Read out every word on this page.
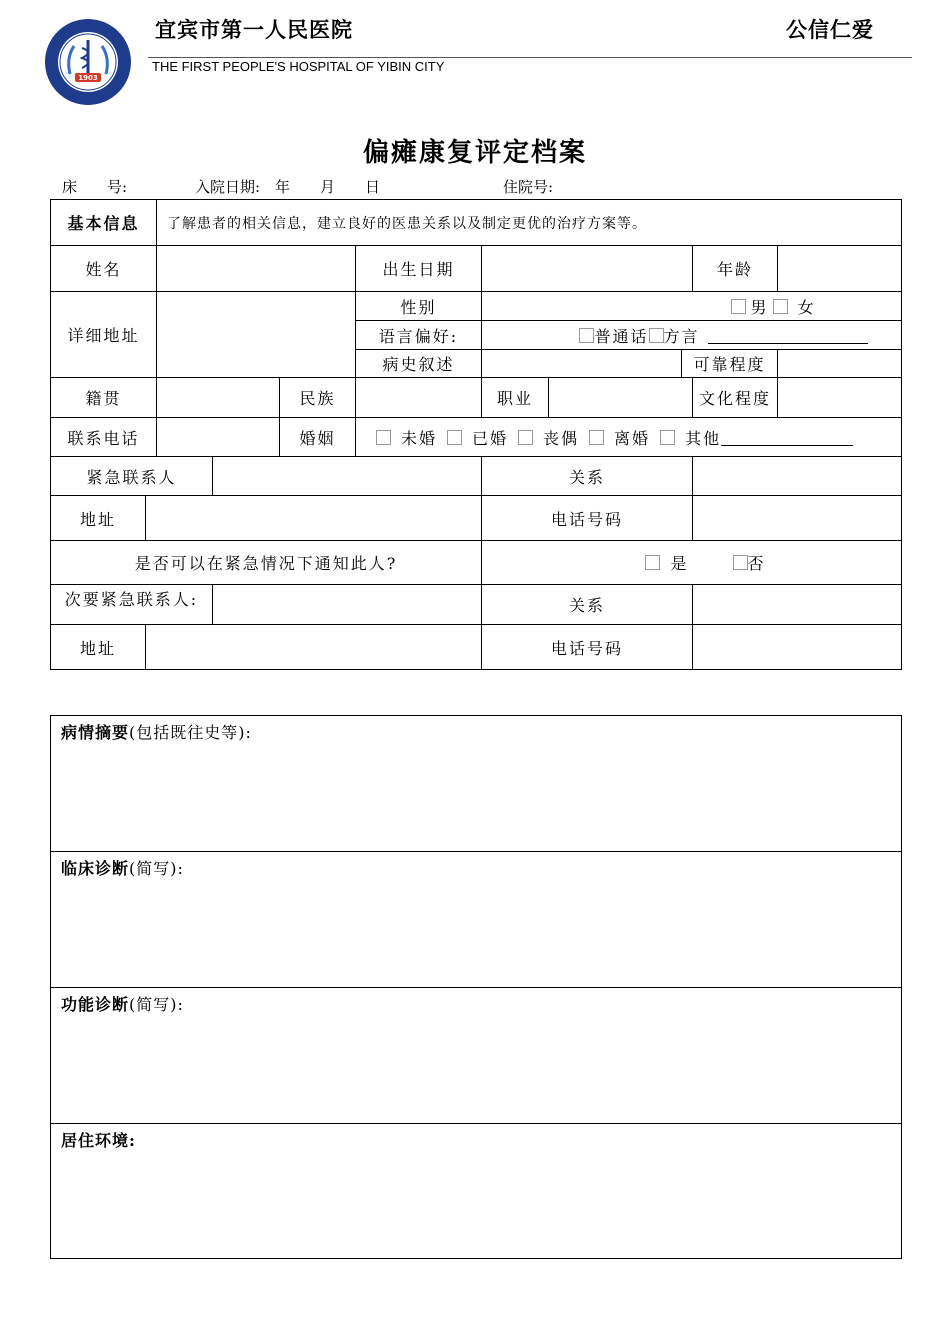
1903
宜宾市第一人民医院
THE FIRST PEOPLE'S HOSPITAL OF YIBIN CITY
公信仁爱
偏瘫康复评定档案
床　　号:	入院日期:　年　　月　　日	住院号:
基本信息	了解患者的相关信息，建立良好的医患关系以及制定更优的治疗方案等。
姓名	出生日期	年龄
详细地址
性别	男 女
语言偏好:	普通话 方言
病史叙述	可靠程度
籍贯	民族	职业	文化程度
联系电话	婚姻	未婚 已婚 丧偶 离婚 其他
紧急联系人	关系
地址	电话号码
是否可以在紧急情况下通知此人?	是	否
次要紧急联系人:	关系
地址	电话号码
病情摘要(包括既往史等):
临床诊断(简写):
功能诊断(简写):
居住环境:
